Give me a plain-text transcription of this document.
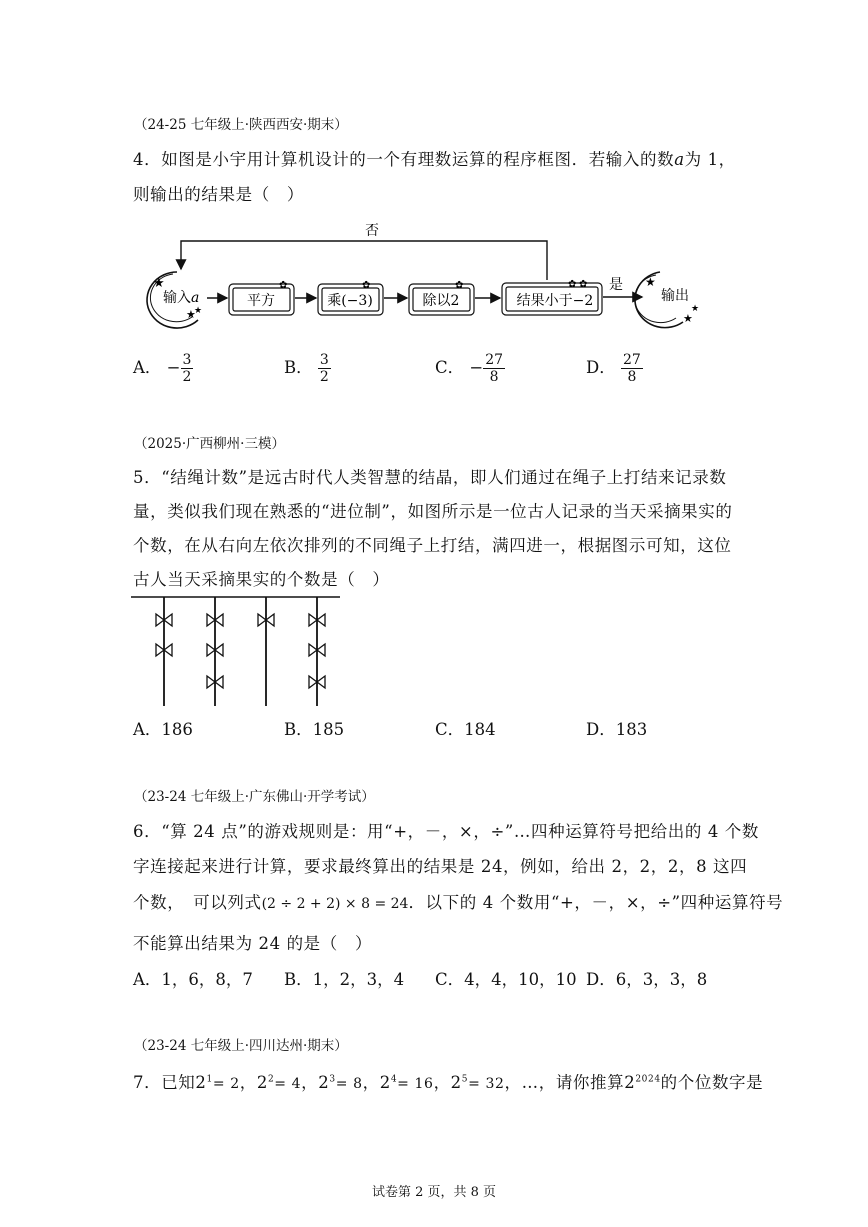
（24-25 七年级上·陕西西安·期末）
4．如图是小宇用计算机设计的一个有理数运算的程序框图．若输入的数a为 1，
则输出的结果是（　）
否
★
★
★
输入a
✿
平方
✿
乘(−3)
✿
除以2
✿ ✿
结果小于−2
是 ★
★
★
输出
A． − $\frac{3}{2}$	B． $\frac{3}{2}$	C． − $\frac{27}{8}$	D． $\frac{27}{8}$
（2025·广西柳州·三模）
5．“结绳计数”是远古时代人类智慧的结晶，即人们通过在绳子上打结来记录数
量，类似我们现在熟悉的“进位制”，如图所示是一位古人记录的当天采摘果实的
个数，在从右向左依次排列的不同绳子上打结，满四进一，根据图示可知，这位
古人当天采摘果实的个数是（　）
A．186	B．185	C．184	D．183
（23-24 七年级上·广东佛山·开学考试）
6．“算 24 点”的游戏规则是：用“+，－，×，÷”…四种运算符号把给出的 4 个数
字连接起来进行计算，要求最终算出的结果是 24，例如，给出 2，2，2，8 这四
个数，　可以列式(2 ÷ 2 + 2) × 8 = 24．以下的 4 个数用“+，－，×，÷”四种运算符号
不能算出结果为 24 的是（　）
A．1，6，8，7 B．1，2，3，4 C．4，4，10，10 D．6，3，3，8
（23-24 七年级上·四川达州·期末）
7．已知$2^1= 2$，$2^2= 4$，$2^3= 8$，$2^4= 16$，$2^5= 32$，…，请你推算$2^{2024}$的个位数字是
试卷第 2 页，共 8 页
